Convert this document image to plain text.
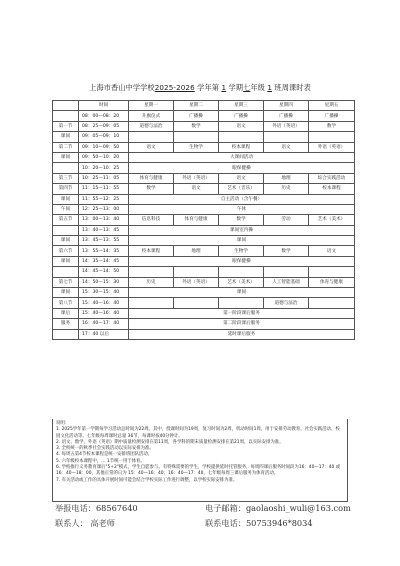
上海市香山中学学校2025-2026 学年第 1 学期七年级 1 班周课时表
	时间	星期一	星期二	星期三	星期四	星期五
	08：00—08：20	升旗仪式	广播操	广播操	广播操	广播操
第一节	08：25—09：05	道德与法治	数学	语文	外语（英语）	数学
课间	09：05—09：10					
第二节	09：10—09：50	语文	生物学	校本课程	语文	外语（英语）
课间	09：50—10：20	大课间活动				
	10：20—10：25	眼保健操				
第三节	10：25—11：05	体育与健康	外语（英语）	语文	地理	综合实践活动
第四节	11：15—11：55	数学	语文	艺术（音乐）	历史	校本课程
课间	11：55—12：25	自主活动（含午餐）				
午间	12：25—13：00	午休				
第五节	13：00—13：40	信息科技	体育与健康	数学	劳动	艺术（美术）
	13：40—13：45	课间室内操				
课间	13：45—13：55	课间				
第六节	13：55—14：35	校本课程	地理	生物学	数学	语文
课间	14：35—14：45	眼保健操				
	14：45—14：50					
第七节	14：50—15：30	历史	外语（英语）	艺术（美术）	人工智能基础	体育与健康
课间	15：30—15：40	课间				
第八节	15：40—16：40				道德与法治	
课后	15：40—16：40	第一阶段课后服务				
服务	16：40—17：40	第二阶段课后服务				
	17：40 以后	延时课后服务				

说明：

1. 2025学年第一学期每学习活动总时间为22周，其中，授课时间为19周，复习时间为2周，机动时间1周，用于安排劳动教育、社会实践活动、校园文化活动等。七年级每周课时总量 36节，每课时按40分钟计。

2. 语文、数学、外语（英语）期中质量检测安排在第11周，各学科的期末质量检测安排在第21周，以实际安排为准。

3. 全校统一的秋季社会实践活动以实际安排为准。

4. 每周五第4节校本课程是统一安排班团队活动。

5. 六年级校本课程中，… 1节统一用于体育。

6. 学校推行义务教育课后"5+2"模式，学生自愿参与。有特殊需要的学生，学校提供延时托管服务，每周四课后服务时间段为16：40—17：40 或 16：40—18：00，其他正常的日为 15：40—16：40；16：40—17：40，七年级每周三课后服务为体育活动。

7. 有关活动或工作的具体开展时间可能会结合学校实际工作进行调整，以学校实际安排为准。

举报电话：68567640	电子邮箱：gaolaoshi_wuli@163.com
联系人： 高老师	联系电话：50753946*8034
